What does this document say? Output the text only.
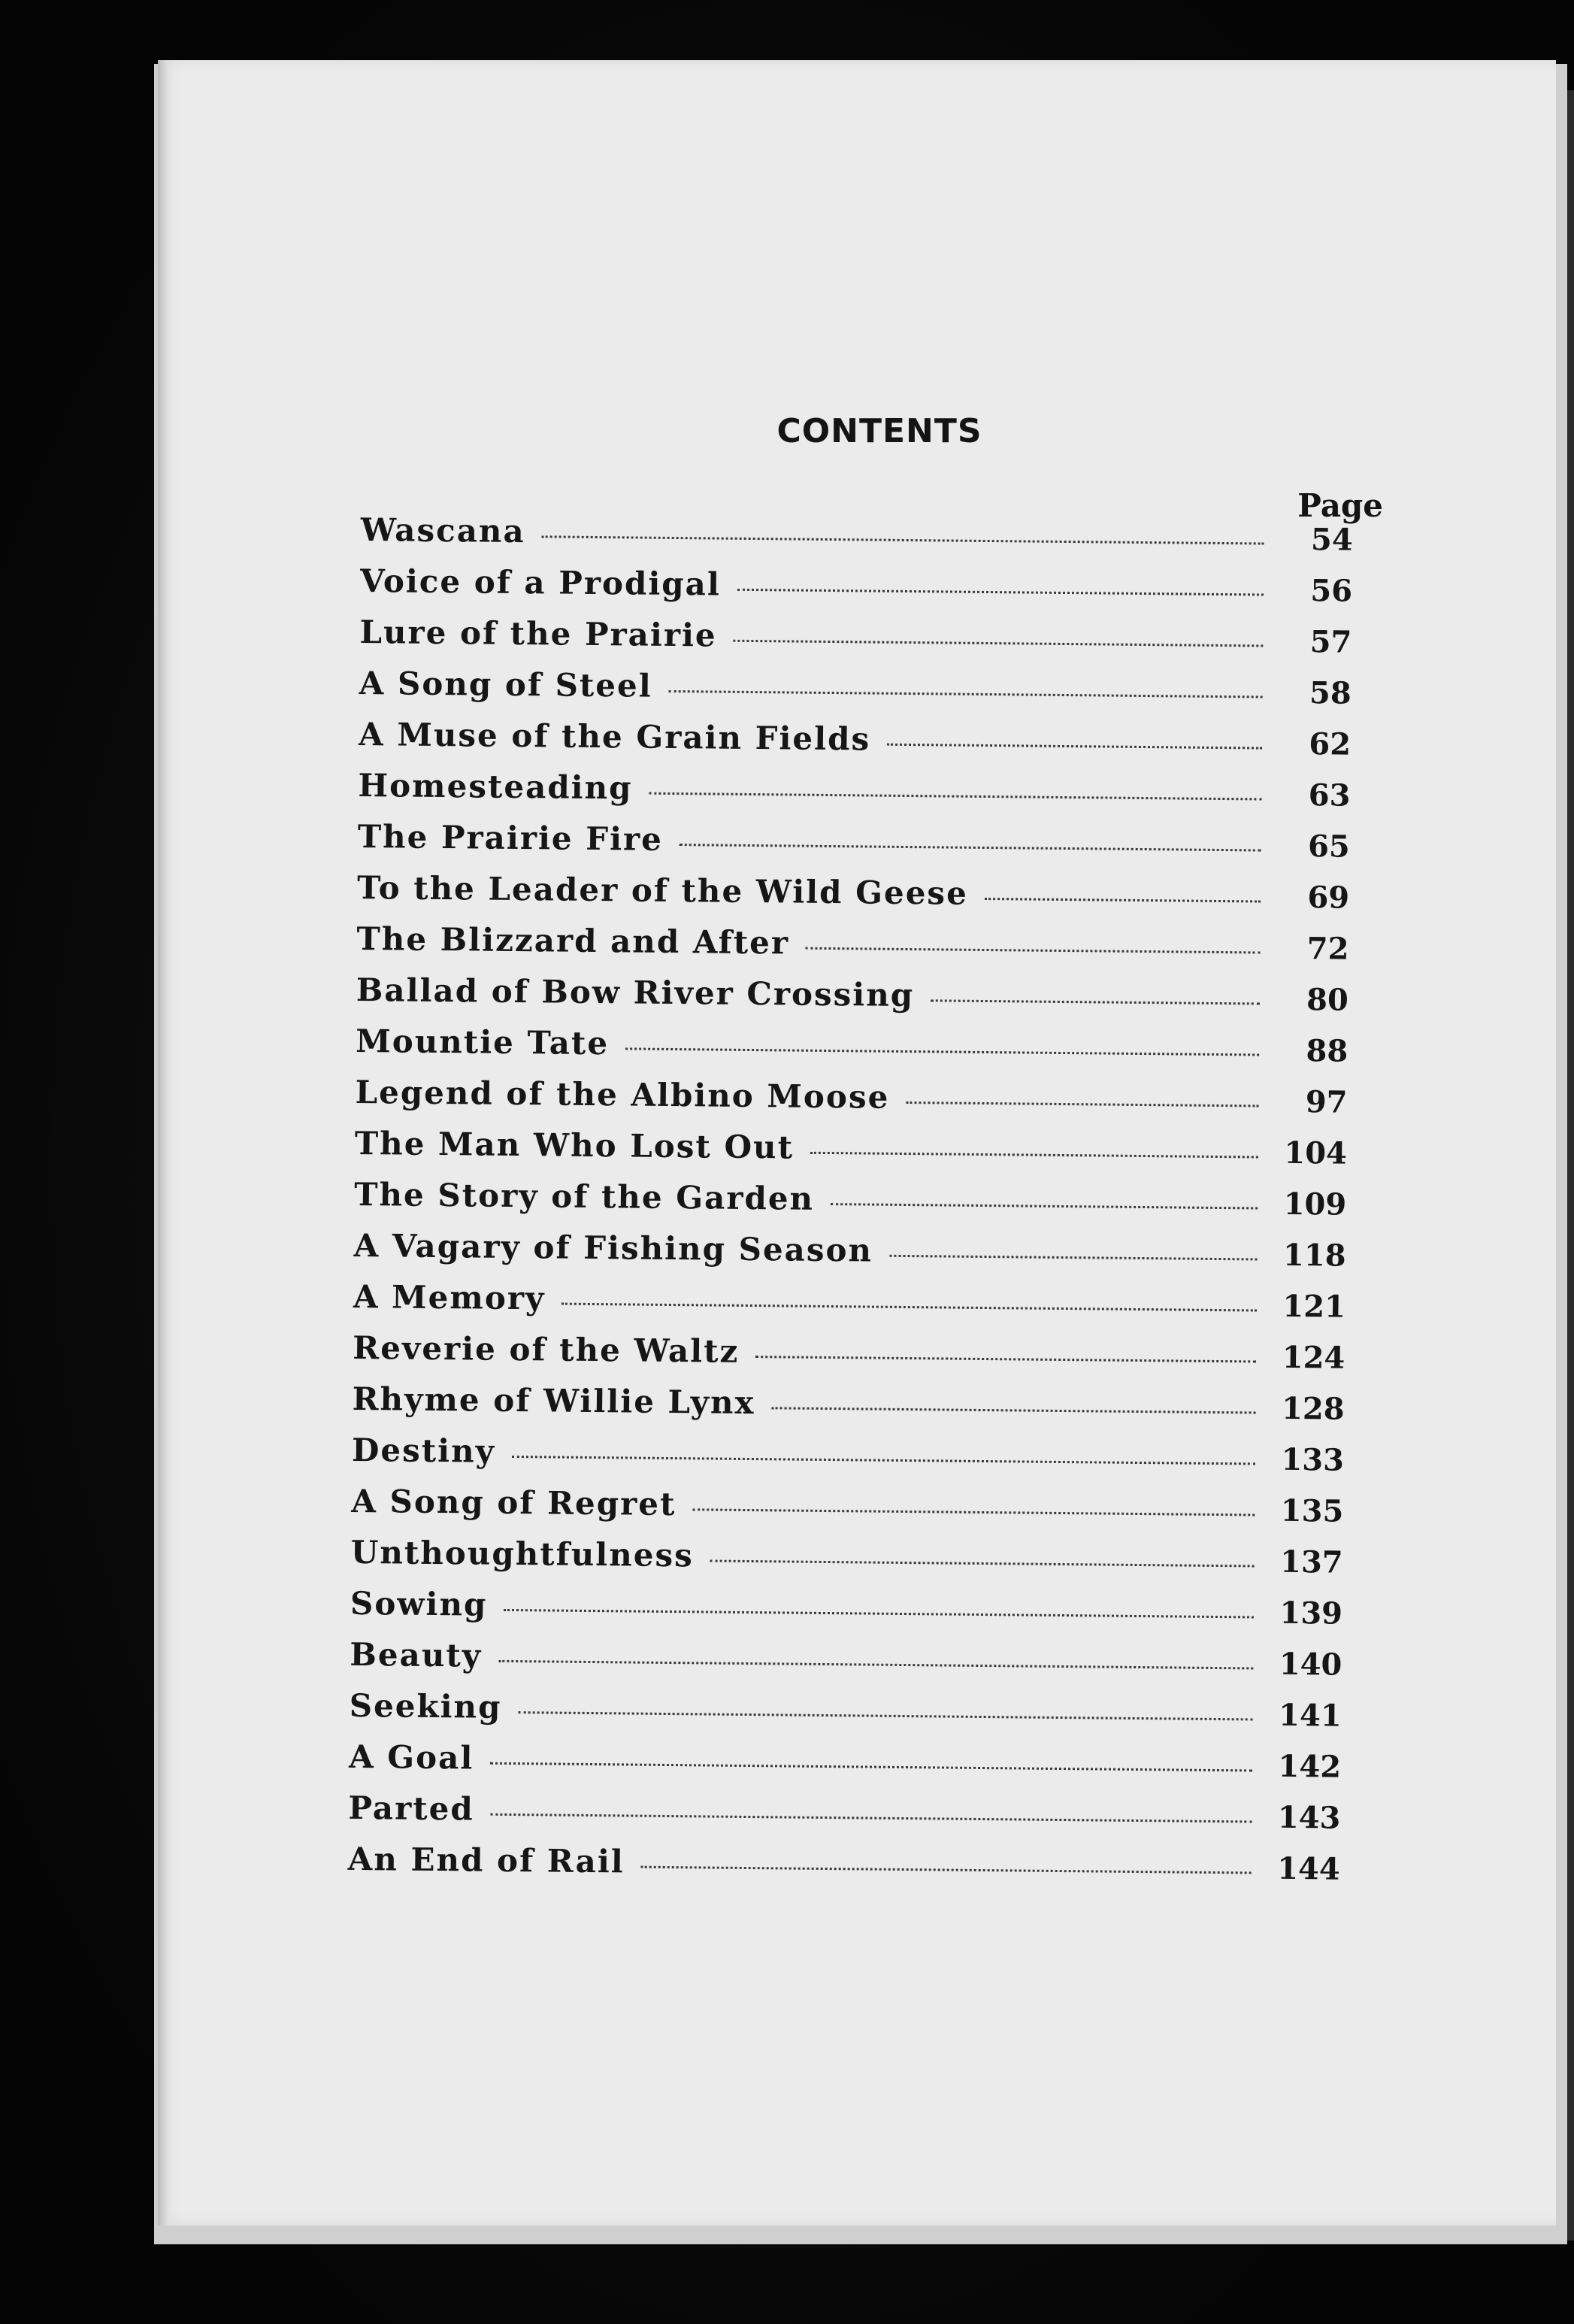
CONTENTS
Page
Wascana	54
Voice of a Prodigal	56
Lure of the Prairie	57
A Song of Steel	58
A Muse of the Grain Fields	62
Homesteading	63
The Prairie Fire	65
To the Leader of the Wild Geese	69
The Blizzard and After	72
Ballad of Bow River Crossing	80
Mountie Tate	88
Legend of the Albino Moose	97
The Man Who Lost Out	104
The Story of the Garden	109
A Vagary of Fishing Season	118
A Memory	121
Reverie of the Waltz	124
Rhyme of Willie Lynx	128
Destiny	133
A Song of Regret	135
Unthoughtfulness	137
Sowing	139
Beauty	140
Seeking	141
A Goal	142
Parted	143
An End of Rail	144
